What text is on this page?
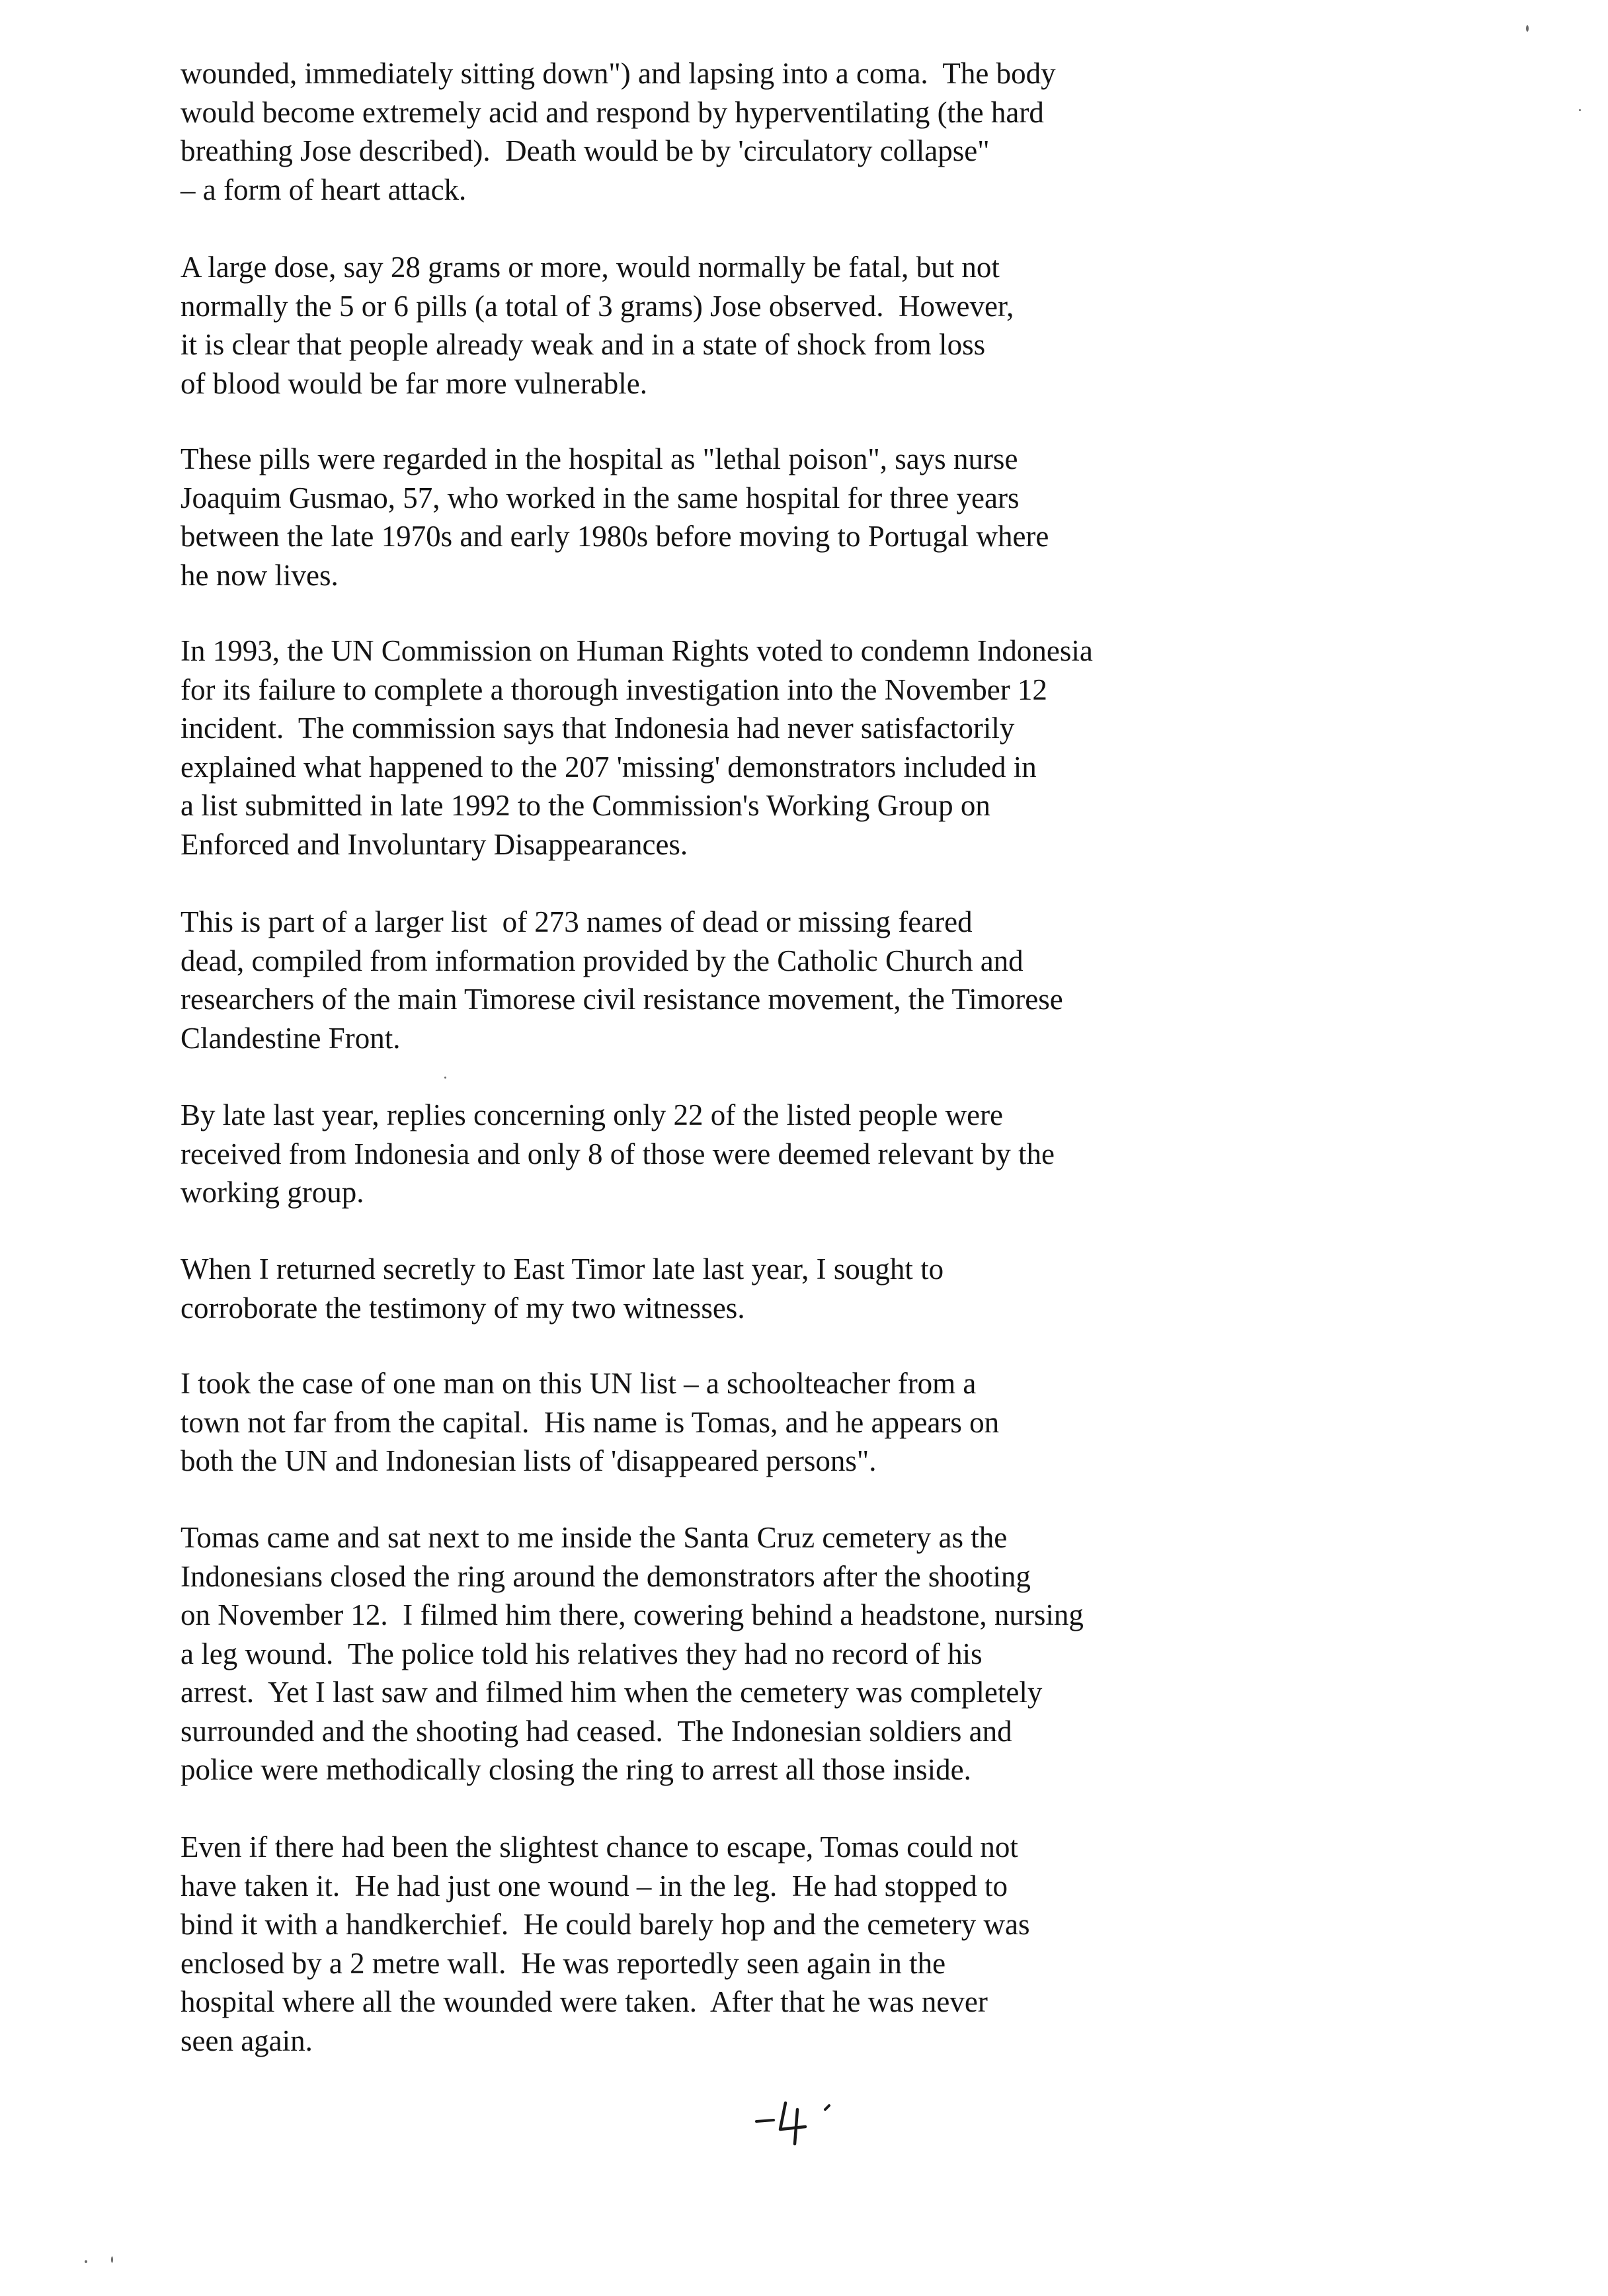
wounded, immediately sitting down") and lapsing into a coma.  The body
would become extremely acid and respond by hyperventilating (the hard
breathing Jose described).  Death would be by 'circulatory collapse"
– a form of heart attack.
A large dose, say 28 grams or more, would normally be fatal, but not
normally the 5 or 6 pills (a total of 3 grams) Jose observed.  However,
it is clear that people already weak and in a state of shock from loss
of blood would be far more vulnerable.
These pills were regarded in the hospital as "lethal poison", says nurse
Joaquim Gusmao, 57, who worked in the same hospital for three years
between the late 1970s and early 1980s before moving to Portugal where
he now lives.
In 1993, the UN Commission on Human Rights voted to condemn Indonesia
for its failure to complete a thorough investigation into the November 12
incident.  The commission says that Indonesia had never satisfactorily
explained what happened to the 207 'missing' demonstrators included in
a list submitted in late 1992 to the Commission's Working Group on
Enforced and Involuntary Disappearances.
This is part of a larger list  of 273 names of dead or missing feared
dead, compiled from information provided by the Catholic Church and
researchers of the main Timorese civil resistance movement, the Timorese
Clandestine Front.
By late last year, replies concerning only 22 of the listed people were
received from Indonesia and only 8 of those were deemed relevant by the
working group.
When I returned secretly to East Timor late last year, I sought to
corroborate the testimony of my two witnesses.
I took the case of one man on this UN list – a schoolteacher from a
town not far from the capital.  His name is Tomas, and he appears on
both the UN and Indonesian lists of 'disappeared persons".
Tomas came and sat next to me inside the Santa Cruz cemetery as the
Indonesians closed the ring around the demonstrators after the shooting
on November 12.  I filmed him there, cowering behind a headstone, nursing
a leg wound.  The police told his relatives they had no record of his
arrest.  Yet I last saw and filmed him when the cemetery was completely
surrounded and the shooting had ceased.  The Indonesian soldiers and
police were methodically closing the ring to arrest all those inside.
Even if there had been the slightest chance to escape, Tomas could not
have taken it.  He had just one wound – in the leg.  He had stopped to
bind it with a handkerchief.  He could barely hop and the cemetery was
enclosed by a 2 metre wall.  He was reportedly seen again in the
hospital where all the wounded were taken.  After that he was never
seen again.
